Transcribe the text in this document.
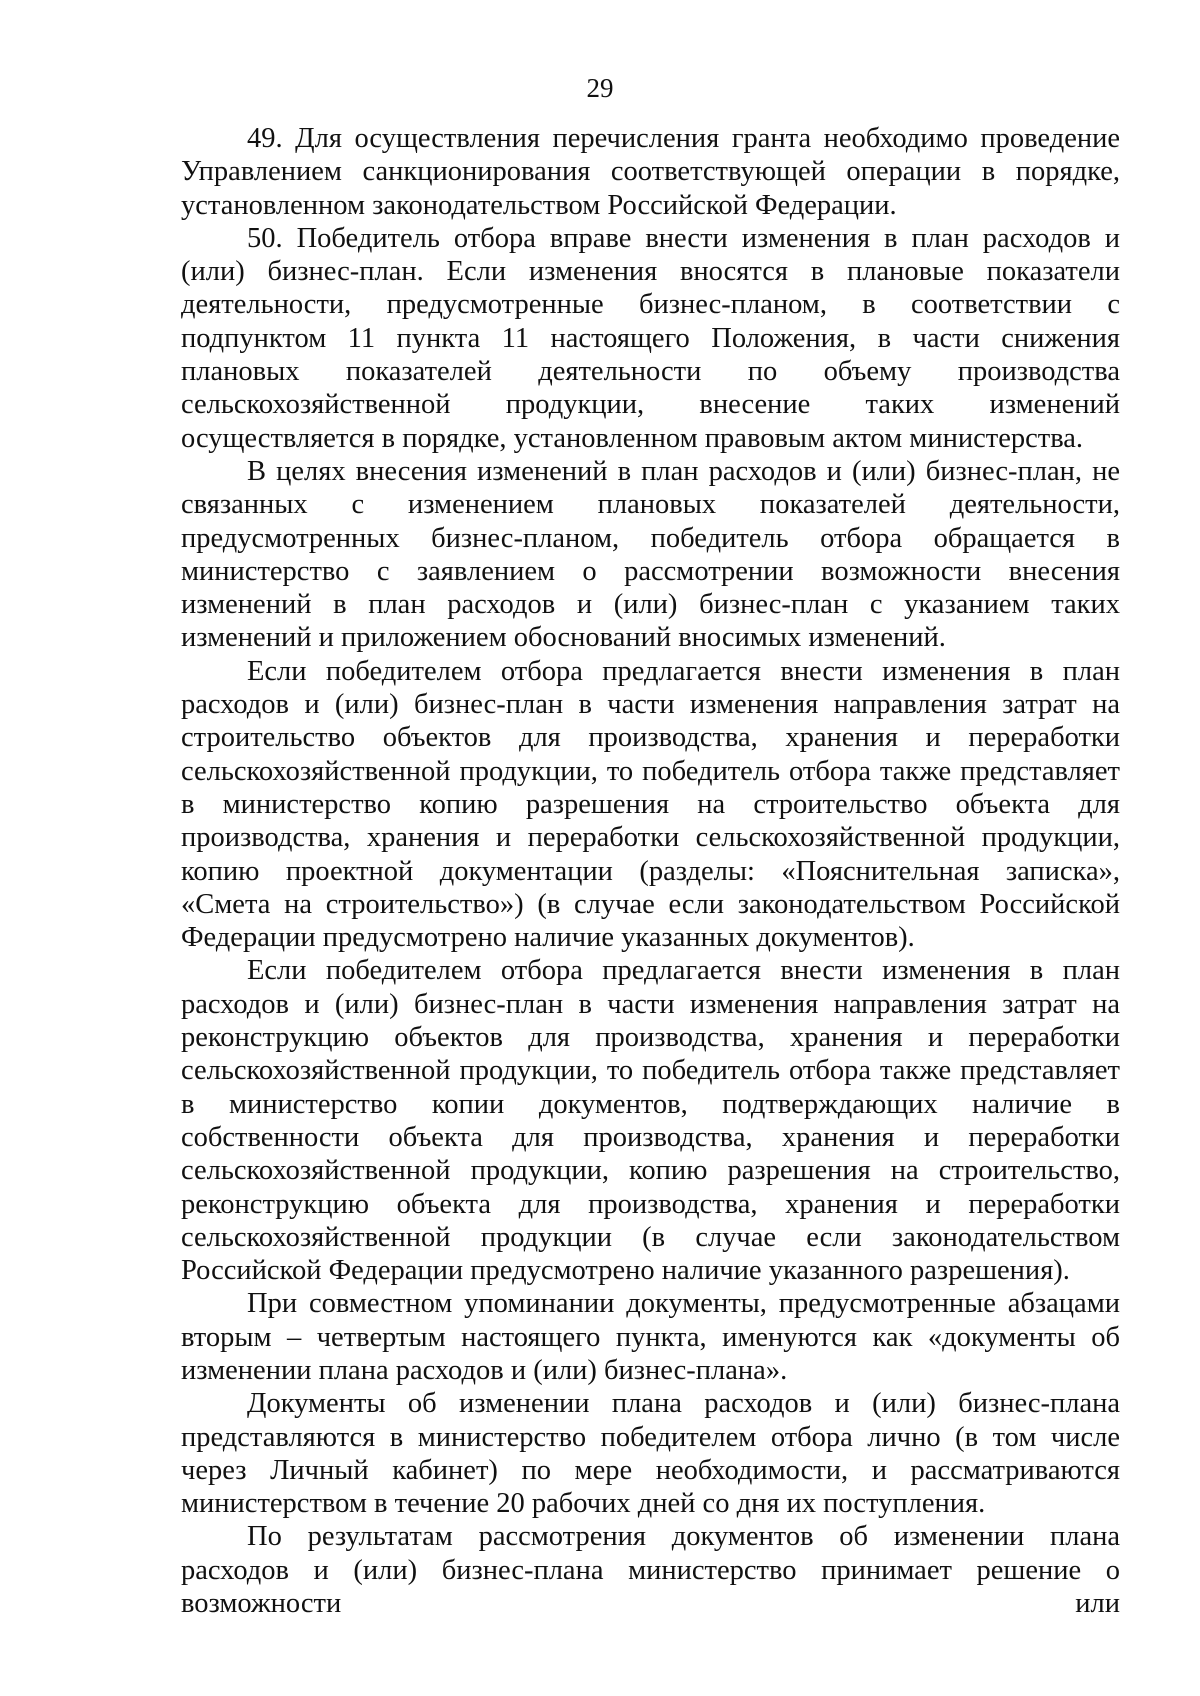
29

49. Для осуществления перечисления гранта необходимо проведение Управлением санкционирования соответствующей операции в порядке, установленном законодательством Российской Федерации.

50. Победитель отбора вправе внести изменения в план расходов и (или) бизнес-план. Если изменения вносятся в плановые показатели деятельности, предусмотренные бизнес-планом, в соответствии с подпунктом 11 пункта 11 настоящего Положения, в части снижения плановых показателей деятельности по объему производства сельскохозяйственной продукции, внесение таких изменений осуществляется в порядке, установленном правовым актом министерства.

В целях внесения изменений в план расходов и (или) бизнес-план, не связанных с изменением плановых показателей деятельности, предусмотренных бизнес-планом, победитель отбора обращается в министерство с заявлением о рассмотрении возможности внесения изменений в план расходов и (или) бизнес-план с указанием таких изменений и приложением обоснований вносимых изменений.

Если победителем отбора предлагается внести изменения в план расходов и (или) бизнес-план в части изменения направления затрат на строительство объектов для производства, хранения и переработки сельскохозяйственной продукции, то победитель отбора также представляет в министерство копию разрешения на строительство объекта для производства, хранения и переработки сельскохозяйственной продукции, копию проектной документации (разделы: «Пояснительная записка», «Смета на строительство») (в случае если законодательством Российской Федерации предусмотрено наличие указанных документов).

Если победителем отбора предлагается внести изменения в план расходов и (или) бизнес-план в части изменения направления затрат на реконструкцию объектов для производства, хранения и переработки сельскохозяйственной продукции, то победитель отбора также представляет в министерство копии документов, подтверждающих наличие в собственности объекта для производства, хранения и переработки сельскохозяйственной продукции, копию разрешения на строительство, реконструкцию объекта для производства, хранения и переработки сельскохозяйственной продукции (в случае если законодательством Российской Федерации предусмотрено наличие указанного разрешения).

При совместном упоминании документы, предусмотренные абзацами вторым – четвертым настоящего пункта, именуются как «документы об изменении плана расходов и (или) бизнес-плана».

Документы об изменении плана расходов и (или) бизнес-плана представляются в министерство победителем отбора лично (в том числе через Личный кабинет) по мере необходимости, и рассматриваются министерством в течение 20 рабочих дней со дня их поступления.

По результатам рассмотрения документов об изменении плана расходов и (или) бизнес-плана министерство принимает решение о возможности или
